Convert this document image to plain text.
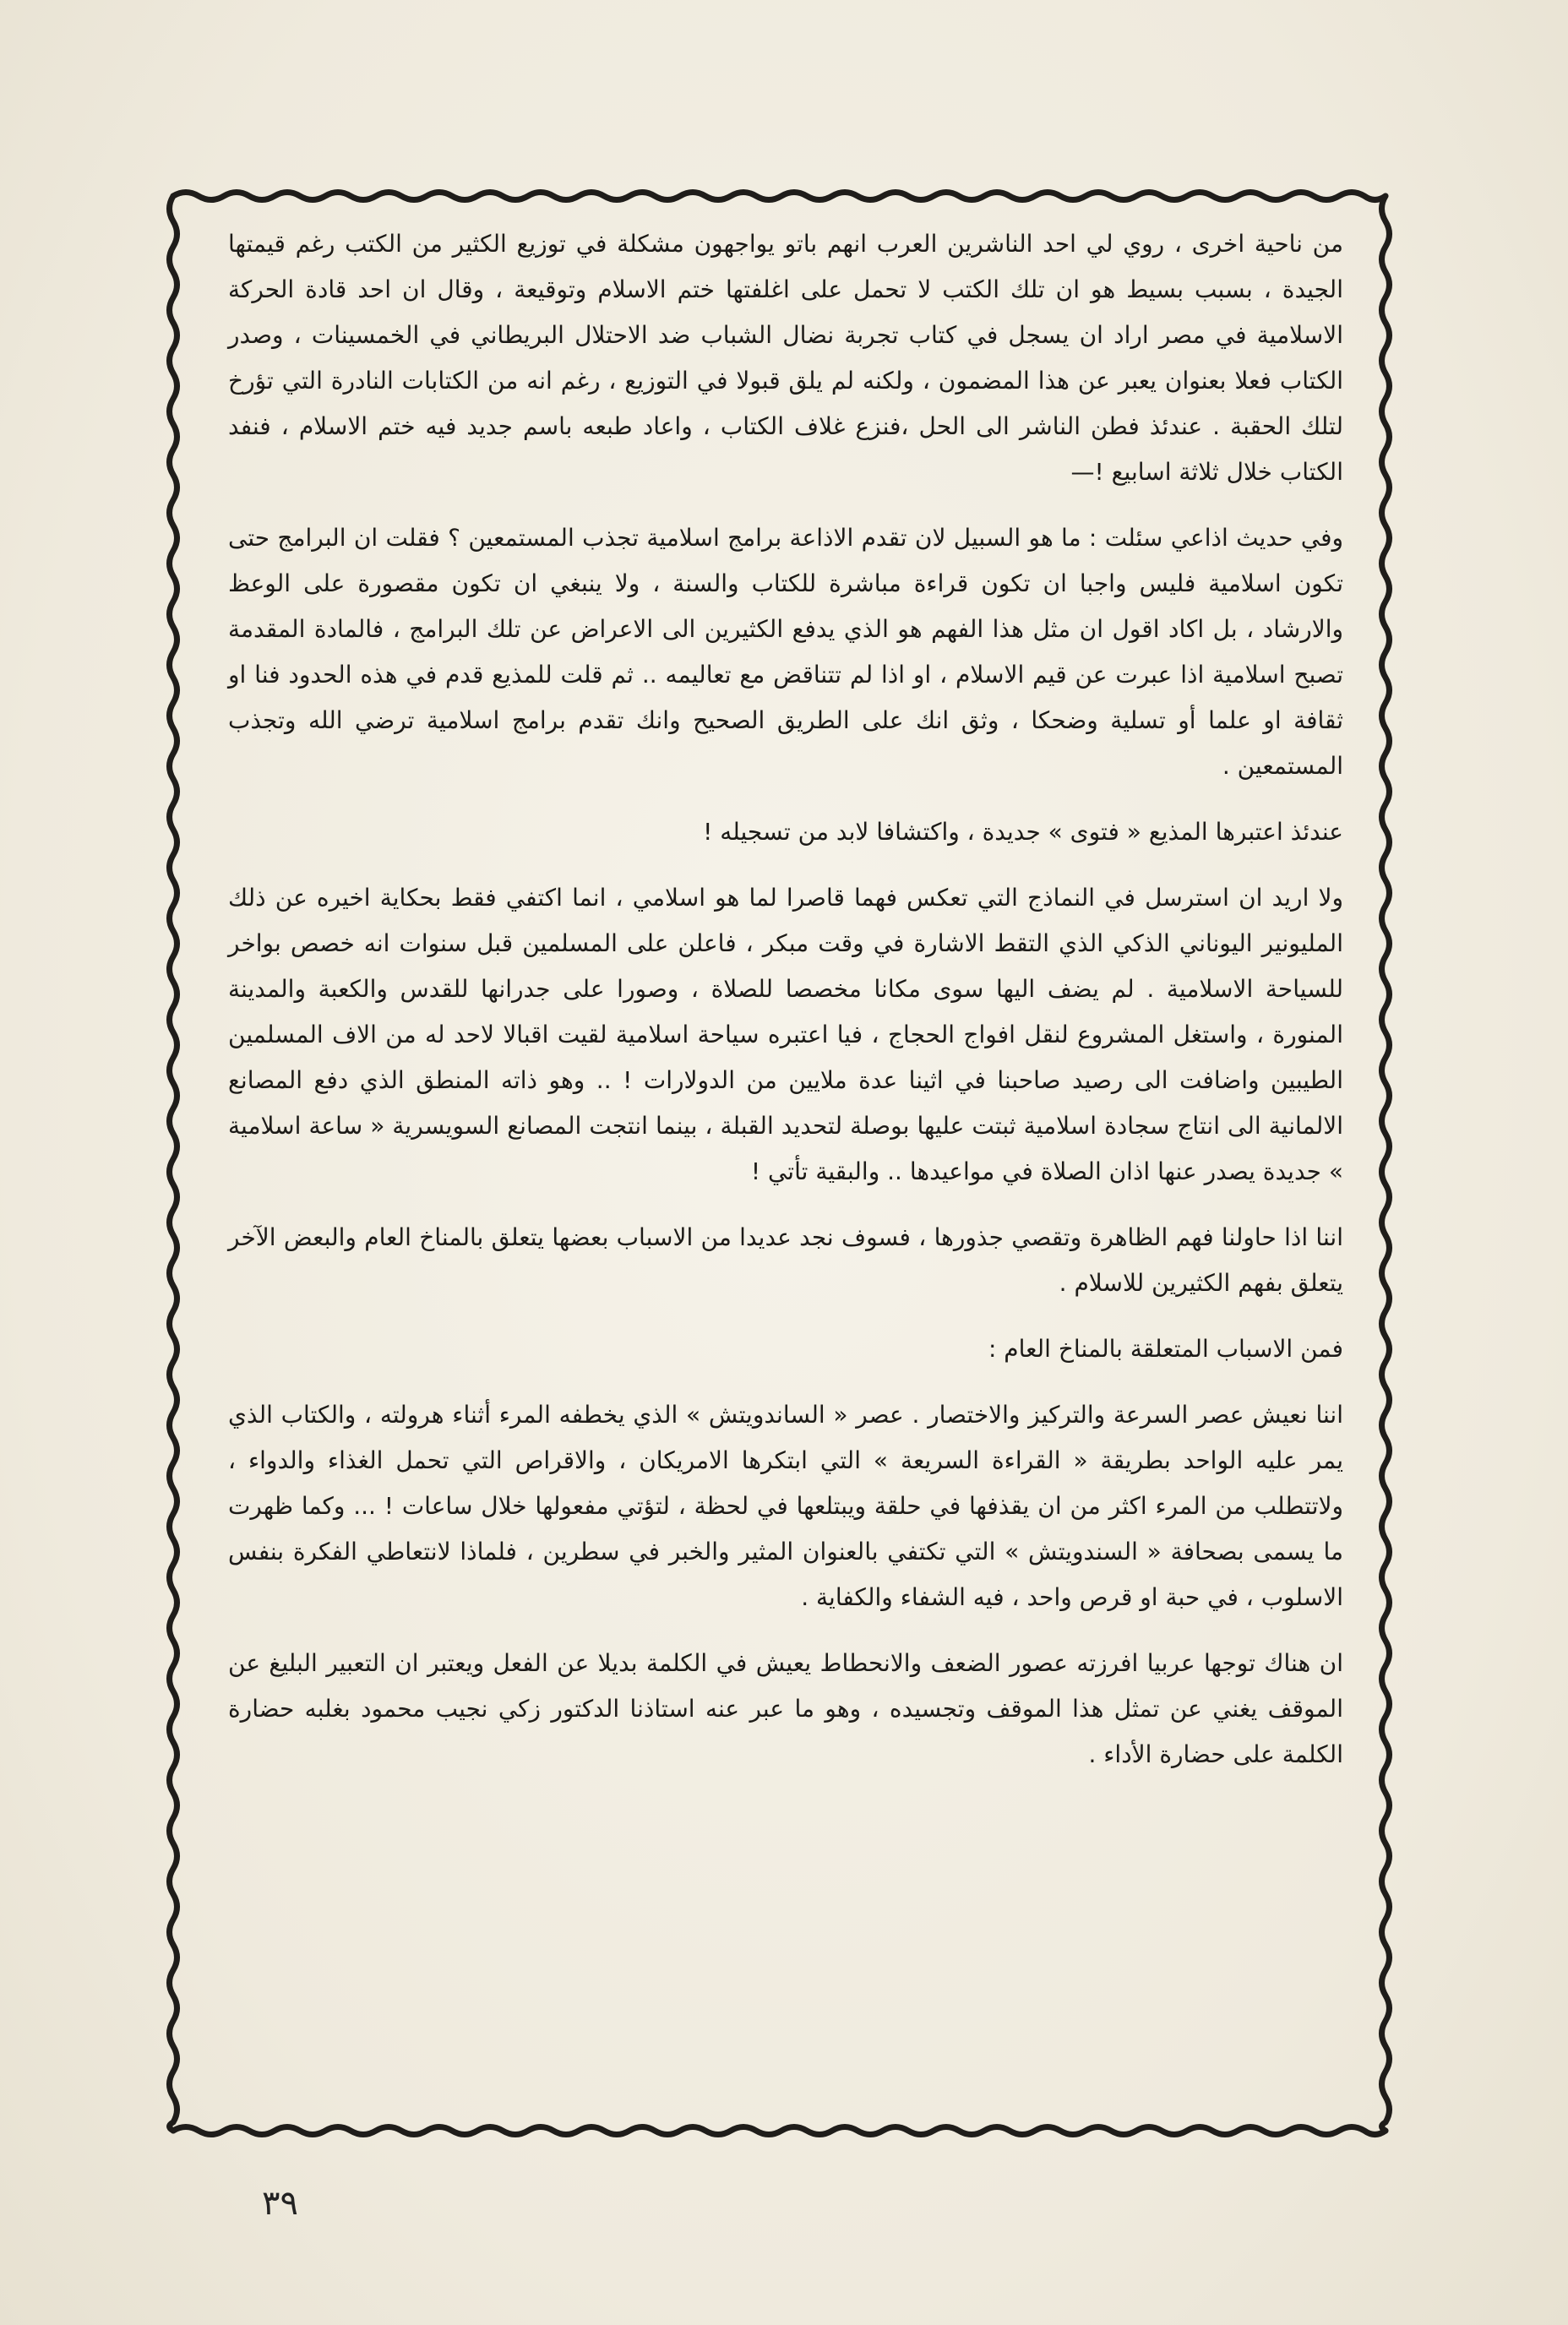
من ناحية اخرى ، روي لي احد الناشرين العرب انهم باتو يواجهون مشكلة في توزيع الكثير من الكتب رغم قيمتها الجيدة ، بسبب بسيط هو ان تلك الكتب لا تحمل على اغلفتها ختم الاسلام وتوقيعة ، وقال ان احد قادة الحركة الاسلامية في مصر اراد ان يسجل في كتاب تجربة نضال الشباب ضد الاحتلال البريطاني في الخمسينات ، وصدر الكتاب فعلا بعنوان يعبر عن هذا المضمون ، ولكنه لم يلق قبولا في التوزيع ، رغم انه من الكتابات النادرة التي تؤرخ لتلك الحقبة . عندئذ فطن الناشر الى الحل ،فنزع غلاف الكتاب ، واعاد طبعه باسم جديد فيه ختم الاسلام ، فنفد الكتاب خلال ثلاثة اسابيع !—

وفي حديث اذاعي سئلت : ما هو السبيل لان تقدم الاذاعة برامج اسلامية تجذب المستمعين ؟ فقلت ان البرامج حتى تكون اسلامية فليس واجبا ان تكون قراءة مباشرة للكتاب والسنة ، ولا ينبغي ان تكون مقصورة على الوعظ والارشاد ، بل اكاد اقول ان مثل هذا الفهم هو الذي يدفع الكثيرين الى الاعراض عن تلك البرامج ، فالمادة المقدمة تصبح اسلامية اذا عبرت عن قيم الاسلام ، او اذا لم تتناقض مع تعاليمه .. ثم قلت للمذيع قدم في هذه الحدود فنا او ثقافة او علما أو تسلية وضحكا ، وثق انك على الطريق الصحيح وانك تقدم برامج اسلامية ترضي الله وتجذب المستمعين .

عندئذ اعتبرها المذيع « فتوى » جديدة ، واكتشافا لابد من تسجيله !

ولا اريد ان استرسل في النماذج التي تعكس فهما قاصرا لما هو اسلامي ، انما اكتفي فقط بحكاية اخيره عن ذلك المليونير اليوناني الذكي الذي التقط الاشارة في وقت مبكر ، فاعلن على المسلمين قبل سنوات انه خصص بواخر للسياحة الاسلامية . لم يضف اليها سوى مكانا مخصصا للصلاة ، وصورا على جدرانها للقدس والكعبة والمدينة المنورة ، واستغل المشروع لنقل افواج الحجاج ، فيا اعتبره سياحة اسلامية لقيت اقبالا لاحد له من الاف المسلمين الطيبين واضافت الى رصيد صاحبنا في اثينا عدة ملايين من الدولارات ! .. وهو ذاته المنطق الذي دفع المصانع الالمانية الى انتاج سجادة اسلامية ثبتت عليها بوصلة لتحديد القبلة ، بينما انتجت المصانع السويسرية « ساعة اسلامية » جديدة يصدر عنها اذان الصلاة في مواعيدها .. والبقية تأتي !

اننا اذا حاولنا فهم الظاهرة وتقصي جذورها ، فسوف نجد عديدا من الاسباب بعضها يتعلق بالمناخ العام والبعض الآخر يتعلق بفهم الكثيرين للاسلام .

فمن الاسباب المتعلقة بالمناخ العام :

اننا نعيش عصر السرعة والتركيز والاختصار . عصر « الساندويتش » الذي يخطفه المرء أثناء هرولته ، والكتاب الذي يمر عليه الواحد بطريقة « القراءة السريعة » التي ابتكرها الامريكان ، والاقراص التي تحمل الغذاء والدواء ، ولاتتطلب من المرء اكثر من ان يقذفها في حلقة ويبتلعها في لحظة ، لتؤتي مفعولها خلال ساعات ! ... وكما ظهرت ما يسمى بصحافة « السندويتش » التي تكتفي بالعنوان المثير والخبر في سطرين ، فلماذا لانتعاطي الفكرة بنفس الاسلوب ، في حبة او قرص واحد ، فيه الشفاء والكفاية .

ان هناك توجها عربيا افرزته عصور الضعف والانحطاط يعيش في الكلمة بديلا عن الفعل ويعتبر ان التعبير البليغ عن الموقف يغني عن تمثل هذا الموقف وتجسيده ، وهو ما عبر عنه استاذنا الدكتور زكي نجيب محمود بغلبه حضارة الكلمة على حضارة الأداء .

٣٩
